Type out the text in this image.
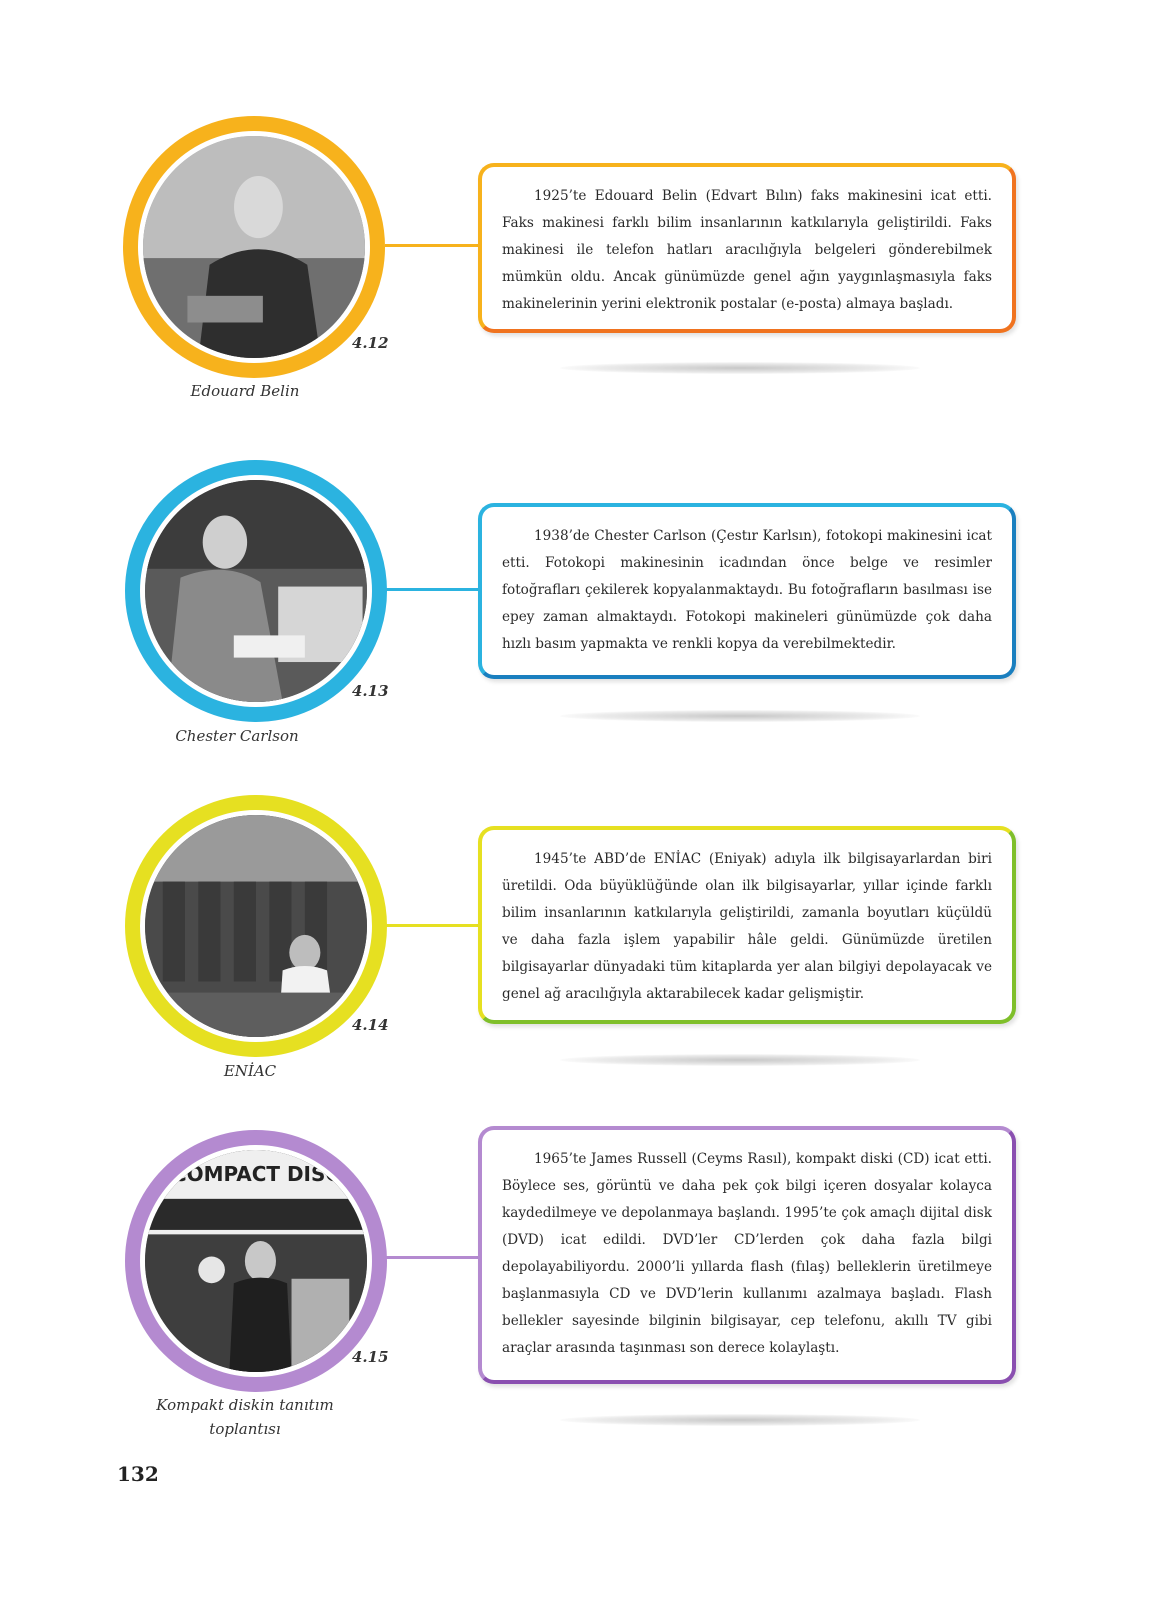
4.12
Edouard Belin

1925’te Edouard Belin (Edvart Bılın) faks makinesini icat etti. Faks makinesi farklı bilim insanlarının katkılarıyla geliştirildi. Faks makinesi ile telefon hatları aracılığıyla belgeleri gönderebilmek mümkün oldu. Ancak günümüzde genel ağın yaygınlaşmasıyla faks makinelerinin yerini elektronik postalar (e-posta) almaya başladı.

4.13
Chester Carlson

1938’de Chester Carlson (Çestır Karlsın), fotokopi makinesini icat etti. Fotokopi makinesinin icadından önce belge ve resimler fotoğrafları çekilerek kopyalanmaktaydı. Bu fotoğrafların basılması ise epey zaman almaktaydı. Fotokopi makineleri günümüzde çok daha hızlı basım yapmakta ve renkli kopya da verebilmektedir.

4.14
ENİAC

1945’te ABD’de ENİAC (Eniyak) adıyla ilk bilgisayarlardan biri üretildi. Oda büyüklüğünde olan ilk bilgisayarlar, yıllar içinde farklı bilim insanlarının katkılarıyla geliştirildi, zamanla boyutları küçüldü ve daha fazla işlem yapabilir hâle geldi. Günümüzde üretilen bilgisayarlar dünyadaki tüm kitaplarda yer alan bilgiyi depolayacak ve genel ağ aracılığıyla aktarabilecek kadar gelişmiştir.

COMPACT DISC
4.15
Kompakt diskin tanıtım toplantısı

1965’te James Russell (Ceyms Rasıl), kompakt diski (CD) icat etti. Böylece ses, görüntü ve daha pek çok bilgi içeren dosyalar kolayca kaydedilmeye ve depolanmaya başlandı. 1995’te çok amaçlı dijital disk (DVD) icat edildi. DVD’ler CD’lerden çok daha fazla bilgi depolayabiliyordu. 2000’li yıllarda flash (fılaş) belleklerin üretilmeye başlanmasıyla CD ve DVD’lerin kullanımı azalmaya başladı. Flash bellekler sayesinde bilginin bilgisayar, cep telefonu, akıllı TV gibi araçlar arasında taşınması son derece kolaylaştı.

132
